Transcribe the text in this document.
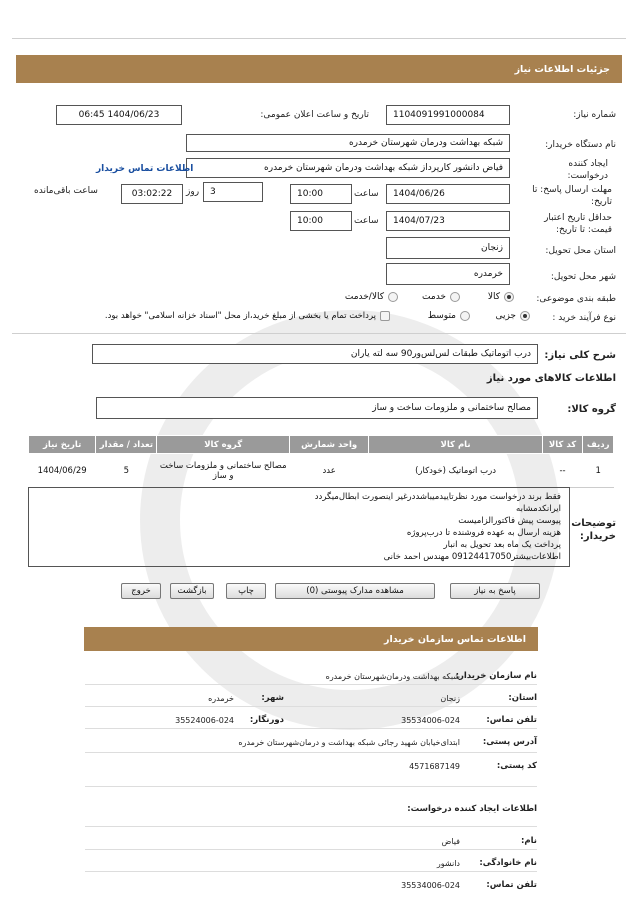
جزئیات اطلاعات نیاز
شماره نیاز:
1104091991000084
تاریخ و ساعت اعلان عمومی:
1404/06/23 06:45
نام دستگاه خریدار:
شبکه بهداشت ودرمان شهرستان خرمدره
ایجاد کننده درخواست:
فیاض دانشور کارپرداز شبکه بهداشت ودرمان شهرستان خرمدره
اطلاعات تماس خریدار
مهلت ارسال پاسخ: تا تاریخ:
1404/06/26
ساعت
10:00
3
روز
03:02:22
ساعت باقی‌مانده
حداقل تاریخ اعتبار قیمت: تا تاریخ:
1404/07/23
ساعت
10:00
استان محل تحویل:
زنجان
شهر محل تحویل:
خرمدره
طبقه بندی موضوعی:
کالا
خدمت
کالا/خدمت
نوع فرآیند خرید :
جزیی
متوسط
پرداخت تمام یا بخشی از مبلغ خرید،از محل "اسناد خزانه اسلامی" خواهد بود.
شرح کلی نیاز:
درب اتوماتیک طبقات لس‌لس‌ور90 سه لته یاران
اطلاعات کالاهای مورد نیاز
گروه کالا:
مصالح ساختمانی و ملزومات ساخت و ساز
ردیف	کد کالا	نام کالا	واحد شمارش	گروه کالا	تعداد / مقدار	تاریخ نیاز
1	--	درب اتوماتیک (خودکار)	عدد	مصالح ساختمانی و ملزومات ساخت و ساز	5	1404/06/29
توضیحات خریدار:
فقط برند درخواست مورد نظرتاییدمیباشددرغیر اینصورت ابطال‌میگردد
ایرانکدمشابه
پیوست پیش فاکتورالزامیست
هزینه ارسال به عهده فروشنده تا درب‌پروژه
پرداخت یک ماه بعد تحویل به انبار
اطلاعات‌بیشتر09124417050 مهندس احمد خانی
پاسخ به نیاز
مشاهده مدارک پیوستی (0)
چاپ
بازگشت
خروج
اطلاعات تماس سازمان خریدار
نام سازمان خریدار:
شبکه بهداشت ودرمان‌شهرستان خرمدره
استان:
زنجان
شهر:
خرمدره
تلفن تماس:
35534006-024
دورنگار:
35524006-024
آدرس پستی:
ابتدای‌خیابان شهید رجائی شبکه بهداشت و درمان‌شهرستان خرمدره
کد پستی:
4571687149
اطلاعات ایجاد کننده درخواست:
نام:
فیاض
نام خانوادگی:
دانشور
تلفن تماس:
35534006-024
